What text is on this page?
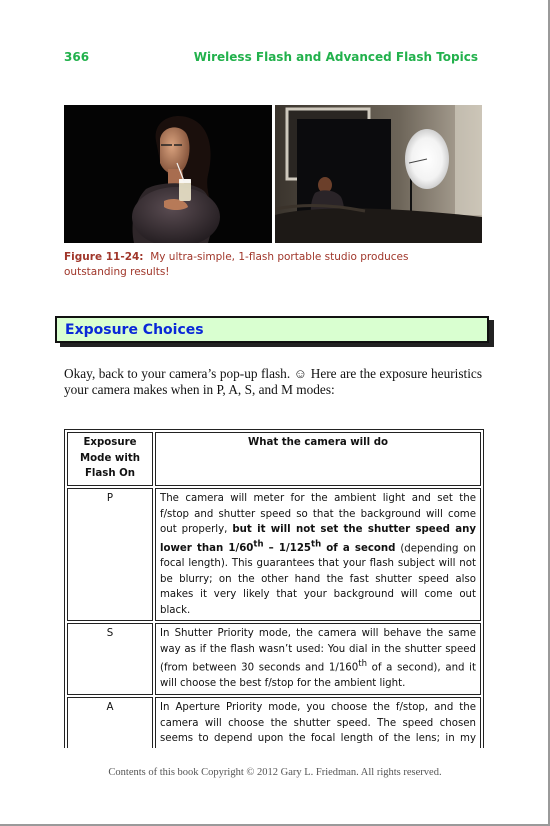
366	Wireless Flash and Advanced Flash Topics
Figure 11-24: My ultra-simple, 1-flash portable studio produces outstanding results!
Exposure Choices
Okay, back to your camera’s pop-up flash. ☺ Here are the exposure heuristics your camera makes when in P, A, S, and M modes:
Exposure Mode with Flash On	What the camera will do
P	The camera will meter for the ambient light and set the f/stop and shutter speed so that the background will come out properly, but it will not set the shutter speed any lower than 1/60th – 1/125th of a second (depending on focal length). This guarantees that your flash subject will not be blurry; on the other hand the fast shutter speed also makes it very likely that your background will come out black.
S	In Shutter Priority mode, the camera will behave the same way as if the flash wasn’t used: You dial in the shutter speed (from between 30 seconds and 1/160th of a second), and it will choose the best f/stop for the ambient light.
A	In Aperture Priority mode, you choose the f/stop, and the camera will choose the shutter speed. The speed chosen seems to depend upon the focal length of the lens; in my
Contents of this book Copyright © 2012 Gary L. Friedman. All rights reserved.
